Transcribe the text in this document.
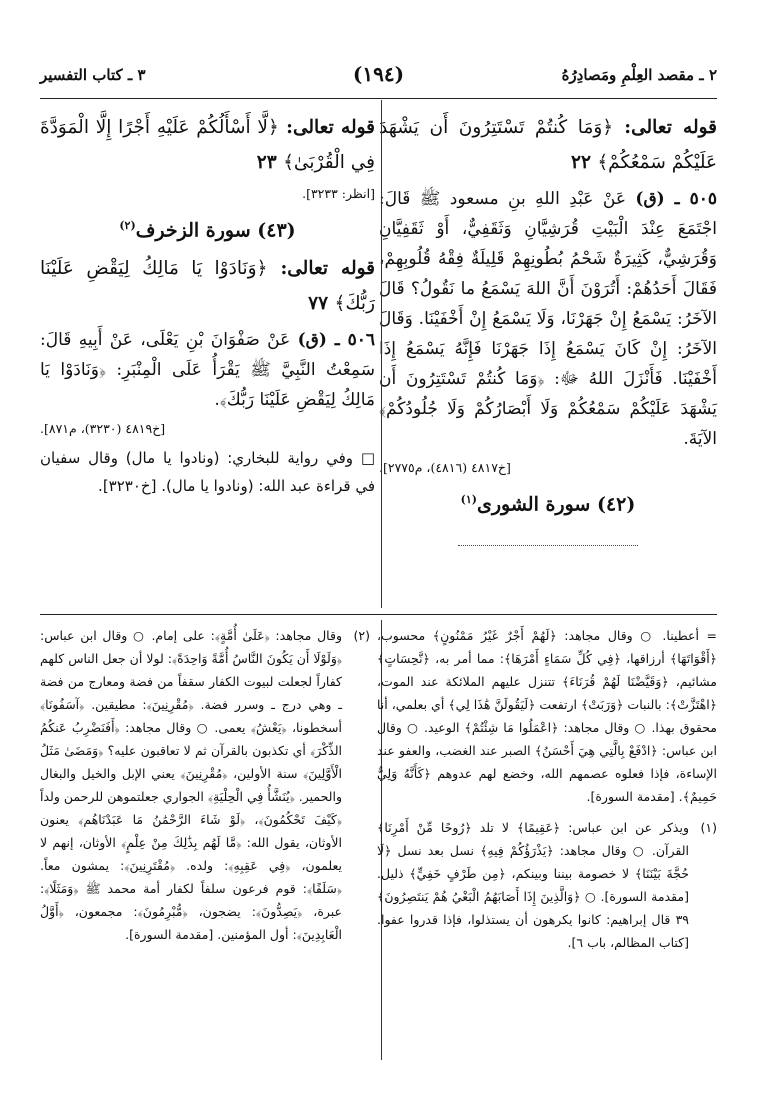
٢ ـ مقصد العِلْمِ ومَصادِرُهُ
(١٩٤)
٣ ـ كتاب التفسير
قوله تعالى: ﴿وَمَا كُنتُمْ تَسْتَتِرُونَ أَن يَشْهَدَ عَلَيْكُمْ سَمْعُكُمْ﴾ ٢٢

٥٠٥ ـ (ق) عَنْ عَبْدِ اللهِ بنِ مسعود ﷺ قَالَ: اجْتَمَعَ عِنْدَ الْبَيْتِ قُرَشِيَّانِ وَثَقَفِيٌّ، أَوْ ثَقَفِيَّانِ وَقُرَشِيٌّ، كَثِيرَةٌ شَحْمُ بُطُونِهِمْ قَلِيلَةٌ فِقْهُ قُلُوبِهِمْ، فَقَالَ أَحَدُهُمْ: أَتُرَوْنَ أَنَّ اللهَ يَسْمَعُ ما نَقُولُ؟ قَالَ الآخَرُ: يَسْمَعُ إِنْ جَهَرْنَا، وَلَا يَسْمَعُ إِنْ أَخْفَيْنَا. وَقَالَ الآخَرُ: إِنْ كَانَ يَسْمَعُ إِذَا جَهَرْنَا فَإِنَّهُ يَسْمَعُ إِذَا أَخْفَيْنَا. فَأَنْزَلَ اللهُ ﷻ: ﴿وَمَا كُنتُمْ تَسْتَتِرُونَ أَن يَشْهَدَ عَلَيْكُمْ سَمْعُكُمْ وَلَا أَبْصَارُكُمْ وَلَا جُلُودُكُمْ﴾ الآيَةَ.

[خ٤٨١٧ (٤٨١٦)، م٢٧٧٥].
(٤٢) سورة الشورى$^{(١)}$
قوله تعالى: ﴿لَّا أَسْأَلُكُمْ عَلَيْهِ أَجْرًا إِلَّا الْمَوَدَّةَ فِي الْقُرْبَىٰ﴾ ٢٣
[انظر: ٣٢٣٣].
(٤٣) سورة الزخرف$^{(٢)}$
قوله تعالى: ﴿وَنَادَوْا يَا مَالِكُ لِيَقْضِ عَلَيْنَا رَبُّكَ﴾ ٧٧

٥٠٦ ـ (ق) عَنْ صَفْوَانَ بْنِ يَعْلَى، عَنْ أَبِيهِ قَالَ: سَمِعْتُ النَّبِيَّ ﷺ يَقْرَأُ عَلَى الْمِنْبَرِ: ﴿وَنَادَوْا يَا مَالِكُ لِيَقْضِ عَلَيْنَا رَبُّكَ﴾.

[خ٤٨١٩ (٣٢٣٠)، م٨٧١].

□ وفي رواية للبخاري: (ونادوا يا مال) وقال سفيان في قراءة عبد الله: (ونادوا يا مال). [خ٣٢٣٠].

= أعطينا. ○ وقال مجاهد: ﴿لَهُمْ أَجْرٌ غَيْرُ مَمْنُونٍ﴾ محسوب، ﴿أَقْوَاتَهَا﴾ أرزاقها، ﴿فِي كُلِّ سَمَاءٍ أَمْرَهَا﴾: مما أمر به، ﴿نَّحِسَاتٍ﴾ مشائيم، ﴿وَقَيَّضْنَا لَهُمْ قُرَنَاءَ﴾ تتنزل عليهم الملائكة عند الموت، ﴿اهْتَزَّتْ﴾: بالنبات ﴿وَرَبَتْ﴾ ارتفعت ﴿لَيَقُولَنَّ هَٰذَا لِي﴾ أي بعلمي، أنا محقوق بهذا. ○ وقال مجاهد: ﴿اعْمَلُوا مَا شِئْتُمْ﴾ الوعيد. ○ وقال ابن عباس: ﴿ادْفَعْ بِالَّتِي هِيَ أَحْسَنُ﴾ الصبر عند الغضب، والعفو عند الإساءة، فإذا فعلوه عصمهم الله، وخضع لهم عدوهم ﴿كَأَنَّهُ وَلِيٌّ حَمِيمٌ﴾. [مقدمة السورة].

(١)

ويذكر عن ابن عباس: ﴿عَقِيمًا﴾ لا تلد ﴿رُوحًا مِّنْ أَمْرِنَا﴾ القرآن. ○ وقال مجاهد: ﴿يَذْرَؤُكُمْ فِيهِ﴾ نسل بعد نسل ﴿لَا حُجَّةَ بَيْنَنَا﴾ لا خصومة بيننا وبينكم، ﴿مِن طَرْفٍ خَفِيٍّ﴾ ذليل. [مقدمة السورة]. ○ ﴿وَالَّذِينَ إِذَا أَصَابَهُمُ الْبَغْيُ هُمْ يَنتَصِرُونَ﴾ ٣٩ قال إبراهيم: كانوا يكرهون أن يستذلوا، فإذا قدروا عفوا. [كتاب المظالم، باب ٦].

(٢)

وقال مجاهد: ﴿عَلَىٰ أُمَّةٍ﴾: على إمام. ○ وقال ابن عباس: ﴿وَلَوْلَا أَن يَكُونَ النَّاسُ أُمَّةً وَاحِدَةً﴾: لولا أن جعل الناس كلهم كفاراً لجعلت لبيوت الكفار سقفاً من فضة ومعارج من فضة ـ وهي درج ـ وسرر فضة. ﴿مُقْرِنِينَ﴾: مطيقين. ﴿آسَفُونَا﴾ أسخطونا، ﴿يَعْشُ﴾ يعمى. ○ وقال مجاهد: ﴿أَفَنَضْرِبُ عَنكُمُ الذِّكْرَ﴾ أي تكذبون بالقرآن ثم لا تعاقبون عليه؟ ﴿وَمَضَىٰ مَثَلُ الْأَوَّلِينَ﴾ سنة الأولين، ﴿مُقْرِنِينَ﴾ يعني الإبل والخيل والبغال والحمير. ﴿يُنَشَّأُ فِي الْحِلْيَةِ﴾ الجواري جعلتموهن للرحمن ولداً ﴿كَيْفَ تَحْكُمُونَ﴾، ﴿لَوْ شَاءَ الرَّحْمَٰنُ مَا عَبَدْنَاهُم﴾ يعنون الأوثان، يقول الله: ﴿مَّا لَهُم بِذَٰلِكَ مِنْ عِلْمٍ﴾ الأوثان، إنهم لا يعلمون، ﴿فِي عَقِبِهِ﴾: ولده. ﴿مُقْتَرِنِينَ﴾: يمشون معاً. ﴿سَلَفًا﴾: قوم فرعون سلفاً لكفار أمة محمد ﷺ ﴿وَمَثَلًا﴾: عبرة، ﴿يَصِدُّونَ﴾: يضجون، ﴿مُّبْرِمُونَ﴾: مجمعون، ﴿أَوَّلُ الْعَابِدِينَ﴾: أول المؤمنين. [مقدمة السورة].
